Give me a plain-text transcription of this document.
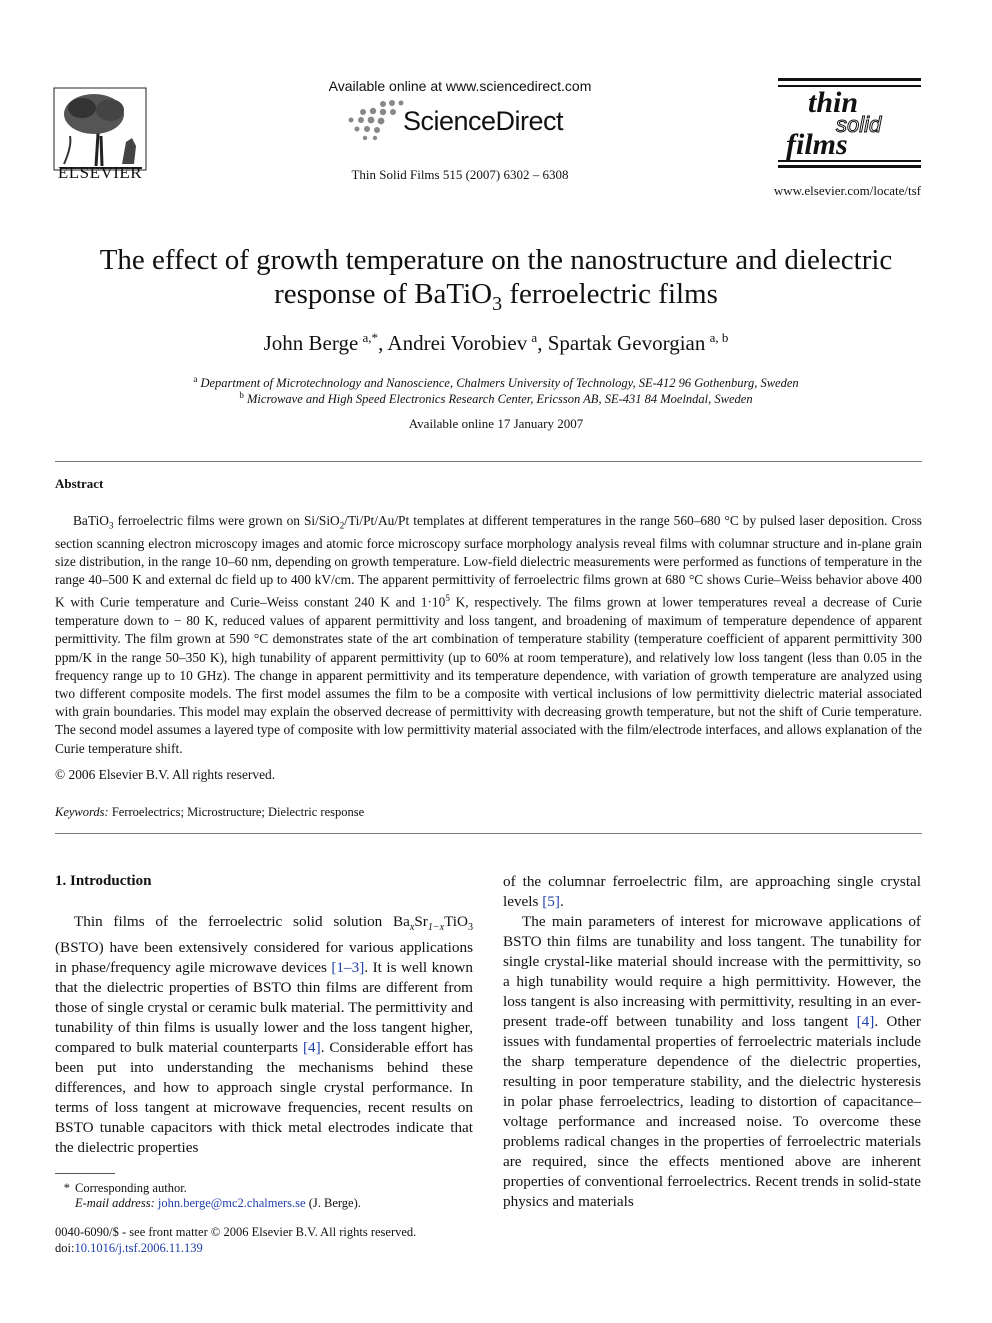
ELSEVIER
Available online at www.sciencedirect.com
ScienceDirect
Thin Solid Films 515 (2007) 6302 – 6308
thin
solid
films
www.elsevier.com/locate/tsf
The effect of growth temperature on the nanostructure and dielectric
response of BaTiO$_3$ ferroelectric films
John Berge  $^{a,*}$, Andrei Vorobiev  $^a$, Spartak Gevorgian  $^{a, b}$
$^a$ Department of Microtechnology and Nanoscience, Chalmers University of Technology, SE-412 96 Gothenburg, Sweden
$^b$ Microwave and High Speed Electronics Research Center, Ericsson AB, SE-431 84 Moelndal, Sweden
Available online 17 January 2007
Abstract
BaTiO$_3$ ferroelectric films were grown on Si/SiO$_2$/Ti/Pt/Au/Pt templates at different temperatures in the range 560–680 °C by pulsed laser deposition. Cross section scanning electron microscopy images and atomic force microscopy surface morphology analysis reveal films with columnar structure and in-plane grain size distribution, in the range 10–60 nm, depending on growth temperature. Low-field dielectric measurements were performed as functions of temperature in the range 40–500 K and external dc field up to 400 kV/cm. The apparent permittivity of ferroelectric films grown at 680 °C shows Curie–Weiss behavior above 400 K with Curie temperature and Curie–Weiss constant 240 K and $1\cdot 10^5$ K, respectively. The films grown at lower temperatures reveal a decrease of Curie temperature down to − 80 K, reduced values of apparent permittivity and loss tangent, and broadening of maximum of temperature dependence of apparent permittivity. The film grown at 590 °C demonstrates state of the art combination of temperature stability (temperature coefficient of apparent permittivity 300 ppm/K in the range 50–350 K), high tunability of apparent permittivity (up to 60% at room temperature), and relatively low loss tangent (less than 0.05 in the frequency range up to 10 GHz). The change in apparent permittivity and its temperature dependence, with variation of growth temperature are analyzed using two different composite models. The first model assumes the film to be a composite with vertical inclusions of low permittivity dielectric material associated with grain boundaries. This model may explain the observed decrease of permittivity with decreasing growth temperature, but not the shift of Curie temperature. The second model assumes a layered type of composite with low permittivity material associated with the film/electrode interfaces, and allows explanation of the Curie temperature shift.
© 2006 Elsevier B.V. All rights reserved.
Keywords: Ferroelectrics; Microstructure; Dielectric response
1. Introduction

Thin films of the ferroelectric solid solution $Ba_xSr_{1-x}TiO_3$ (BSTO) have been extensively considered for various applications in phase/frequency agile microwave devices [1–3]. It is well known that the dielectric properties of BSTO thin films are different from those of single crystal or ceramic bulk material. The permittivity and tunability of thin films is usually lower and the loss tangent higher, compared to bulk material counterparts [4]. Considerable effort has been put into understanding the mechanisms behind these differences, and how to approach single crystal performance. In terms of loss tangent at microwave frequencies, recent results on BSTO tunable capacitors with thick metal electrodes indicate that the dielectric properties

of the columnar ferroelectric film, are approaching single crystal levels [5].

The main parameters of interest for microwave applications of BSTO thin films are tunability and loss tangent. The tunability for single crystal-like material should increase with the permittivity, so a high tunability would require a high permittivity. However, the loss tangent is also increasing with permittivity, resulting in an ever-present trade-off between tunability and loss tangent [4]. Other issues with fundamental properties of ferroelectric materials include the sharp temperature dependence of the dielectric properties, resulting in poor temperature stability, and the dielectric hysteresis in polar phase ferroelectrics, leading to distortion of capacitance–voltage performance and increased noise. To overcome these problems radical changes in the properties of ferroelectric materials are required, since the effects mentioned above are inherent properties of conventional ferroelectrics. Recent trends in solid-state physics and materials

* Corresponding author.
E-mail address: john.berge@mc2.chalmers.se (J. Berge).
0040-6090/$ - see front matter © 2006 Elsevier B.V. All rights reserved.
doi:10.1016/j.tsf.2006.11.139
